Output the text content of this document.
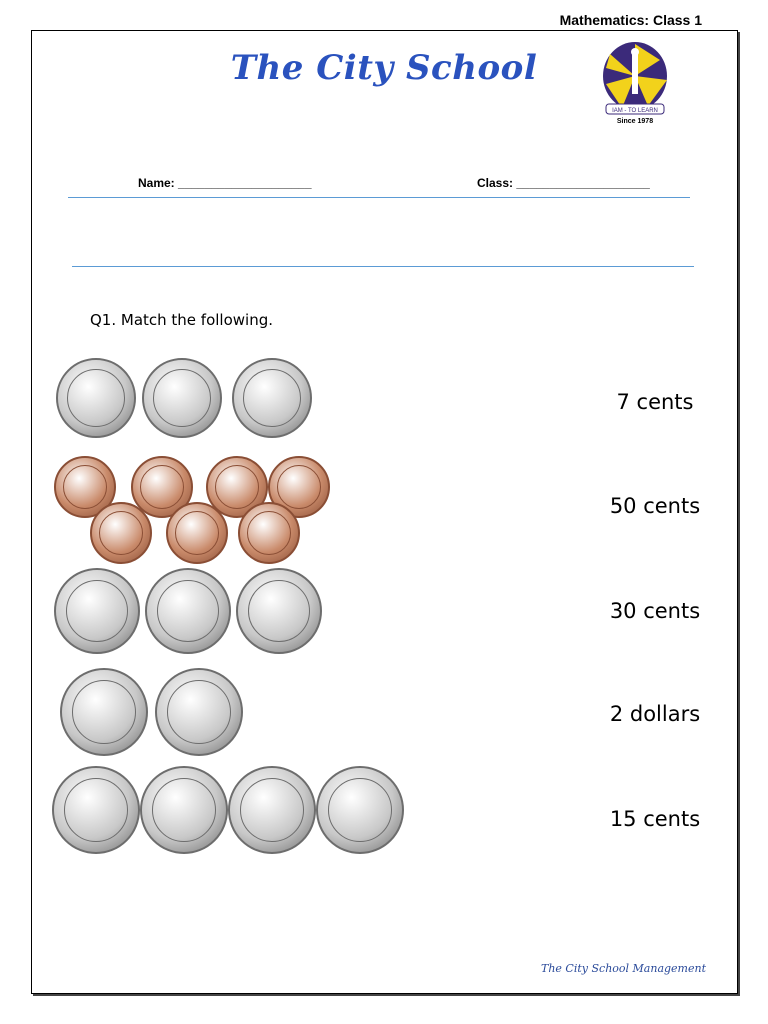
Mathematics: Class 1
The City School
IAM - TO LEARN
Since 1978
Name: ____________________	Class: ____________________
Q1. Match the following.
7 cents
50 cents
30 cents
2 dollars
15 cents
The City School Management
